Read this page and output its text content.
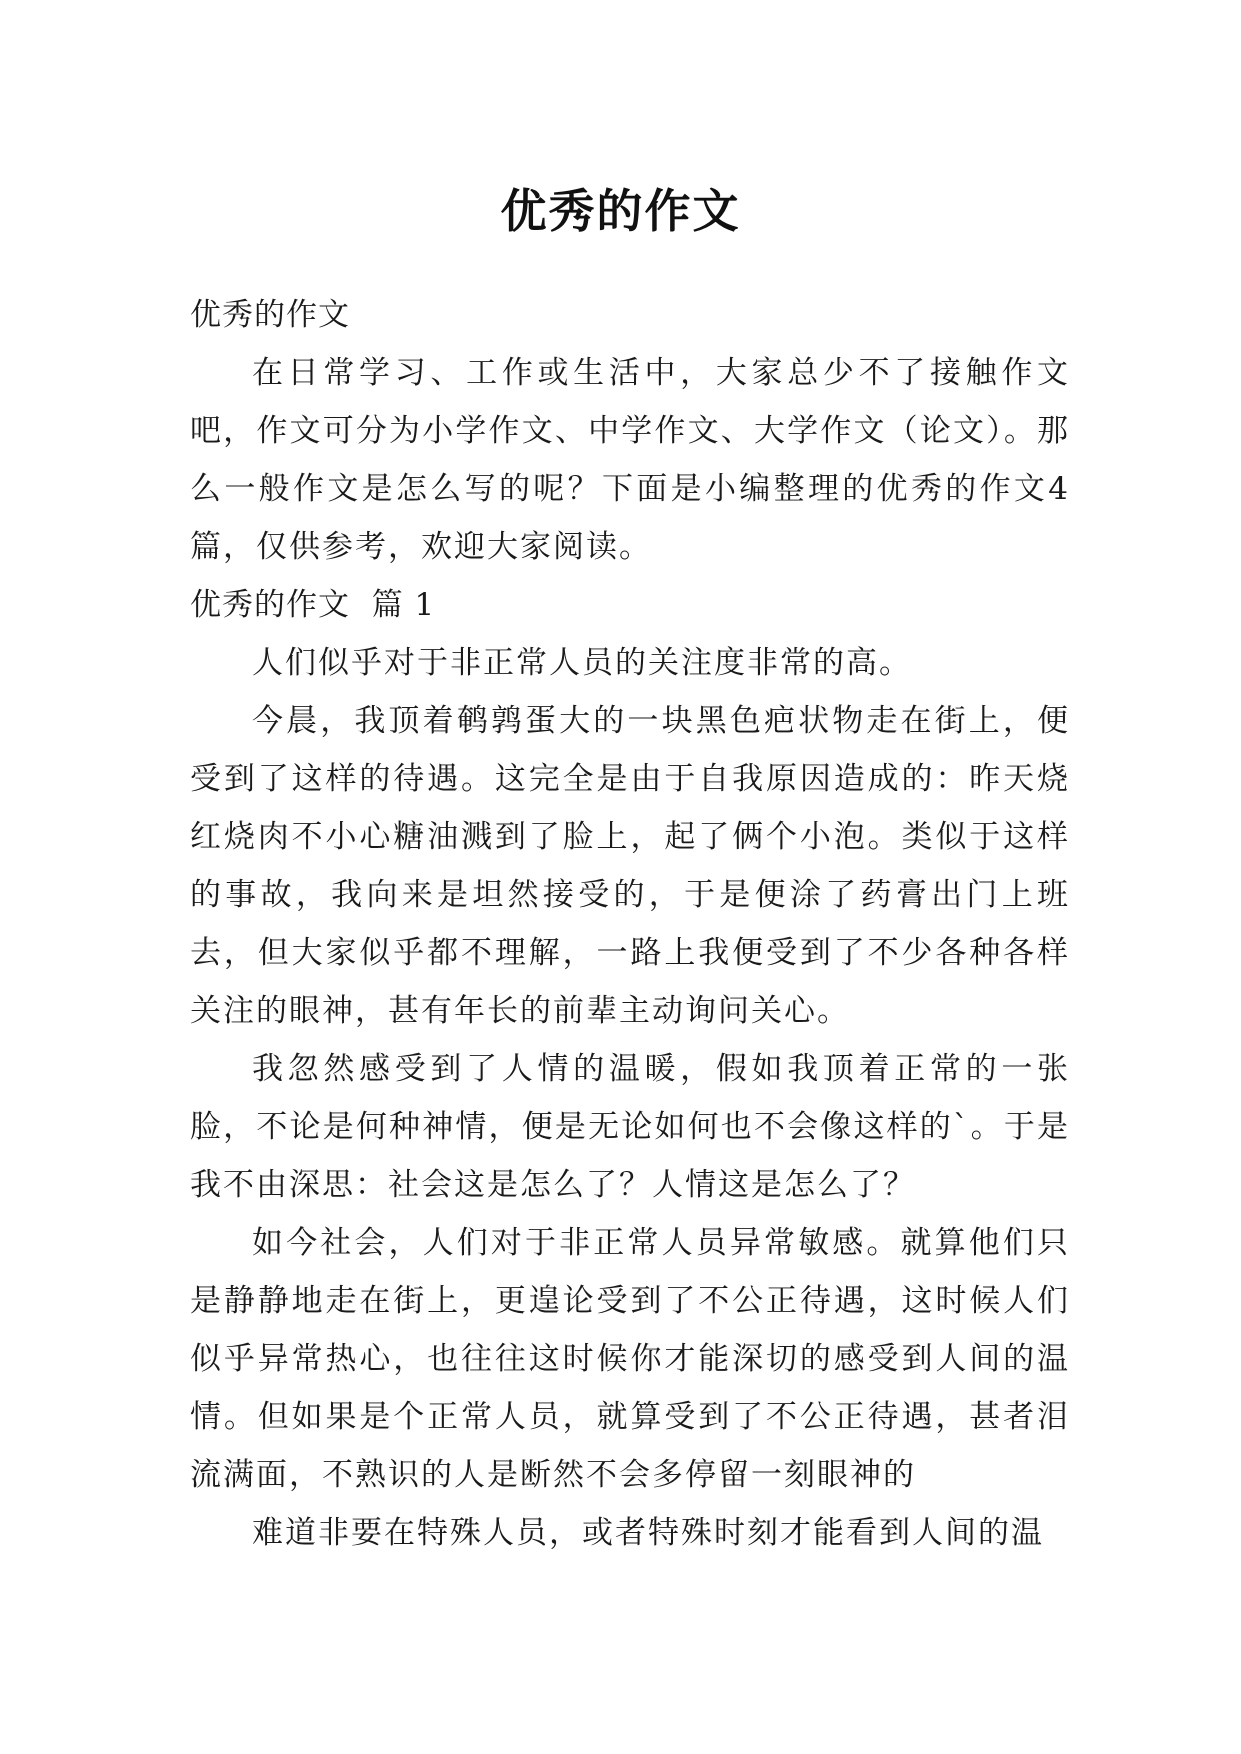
优秀的作文

优秀的作文

在日常学习、工作或生活中，大家总少不了接触作文吧，作文可分为小学作文、中学作文、大学作文（论文）。那么一般作文是怎么写的呢？下面是小编整理的优秀的作文4篇，仅供参考，欢迎大家阅读。

优秀的作文  篇 1

人们似乎对于非正常人员的关注度非常的高。

今晨，我顶着鹌鹑蛋大的一块黑色疤状物走在街上，便受到了这样的待遇。这完全是由于自我原因造成的：昨天烧红烧肉不小心糖油溅到了脸上，起了俩个小泡。类似于这样的事故，我向来是坦然接受的，于是便涂了药膏出门上班去，但大家似乎都不理解，一路上我便受到了不少各种各样关注的眼神，甚有年长的前辈主动询问关心。

我忽然感受到了人情的温暖，假如我顶着正常的一张脸，不论是何种神情，便是无论如何也不会像这样的`。于是我不由深思：社会这是怎么了？人情这是怎么了？

如今社会，人们对于非正常人员异常敏感。就算他们只是静静地走在街上，更遑论受到了不公正待遇，这时候人们似乎异常热心，也往往这时候你才能深切的感受到人间的温情。但如果是个正常人员，就算受到了不公正待遇，甚者泪流满面，不熟识的人是断然不会多停留一刻眼神的

难道非要在特殊人员，或者特殊时刻才能看到人间的温
